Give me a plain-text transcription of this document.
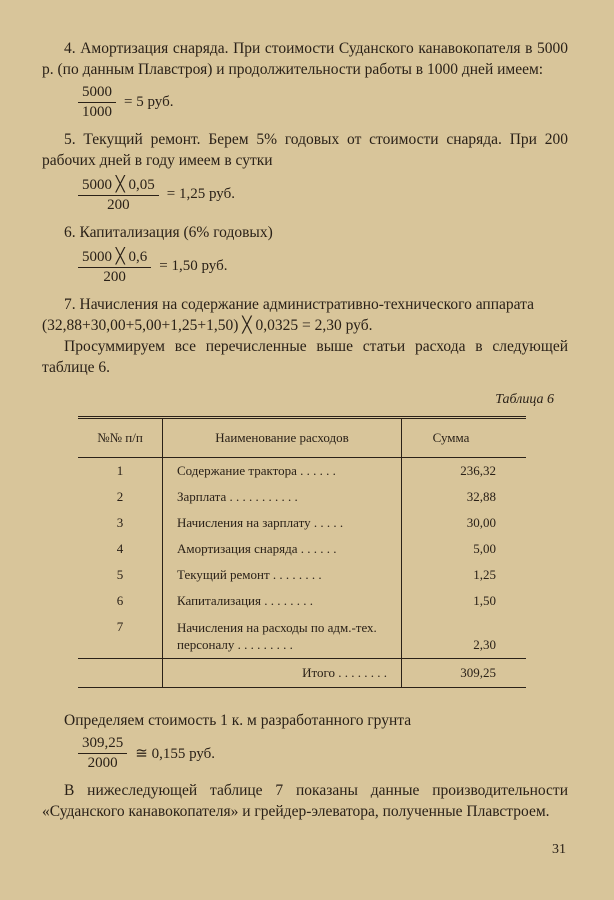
4. Амортизация снаряда. При стоимости Суданского канавокопателя в 5000 р. (по данным Плавстроя) и продолжительности работы в 1000 дней имеем:

$\frac{5000}{1000} = 5$ руб.

5. Текущий ремонт. Берем 5% годовых от стоимости снаряда. При 200 рабочих дней в году имеем в сутки

$\frac{5000 ╳ 0,05}{200} = 1,25$ руб.

6. Капитализация (6% годовых)

$\frac{5000 ╳ 0,6}{200} = 1,50$ руб.

7. Начисления на содержание административно-технического аппарата

(32,88+30,00+5,00+1,25+1,50) ╳ 0,0325 = 2,30 руб.

Просуммируем все перечисленные выше статьи расхода в следующей таблице 6.

Таблица 6

№№ п/п	Наименование расходов	Сумма
1	Содержание трактора . . . . . .	236,32
2	Зарплата . . . . . . . . . . .	32,88
3	Начисления на зарплату . . . . .	30,00
4	Амортизация снаряда . . . . . .	5,00
5	Текущий ремонт . . . . . . . .	1,25
6	Капитализация . . . . . . . .	1,50
7	Начисления на расходы по адм.-тех. персоналу . . . . . . . . .	2,30
	Итого . . . . . . . .	309,25

Определяем стоимость 1 к. м разработанного грунта

$\frac{309,25}{2000}$ ≅ 0,155 руб.

В нижеследующей таблице 7 показаны данные производительности «Суданского канавокопателя» и грейдер-элеватора, полученные Плавстроем.

31
